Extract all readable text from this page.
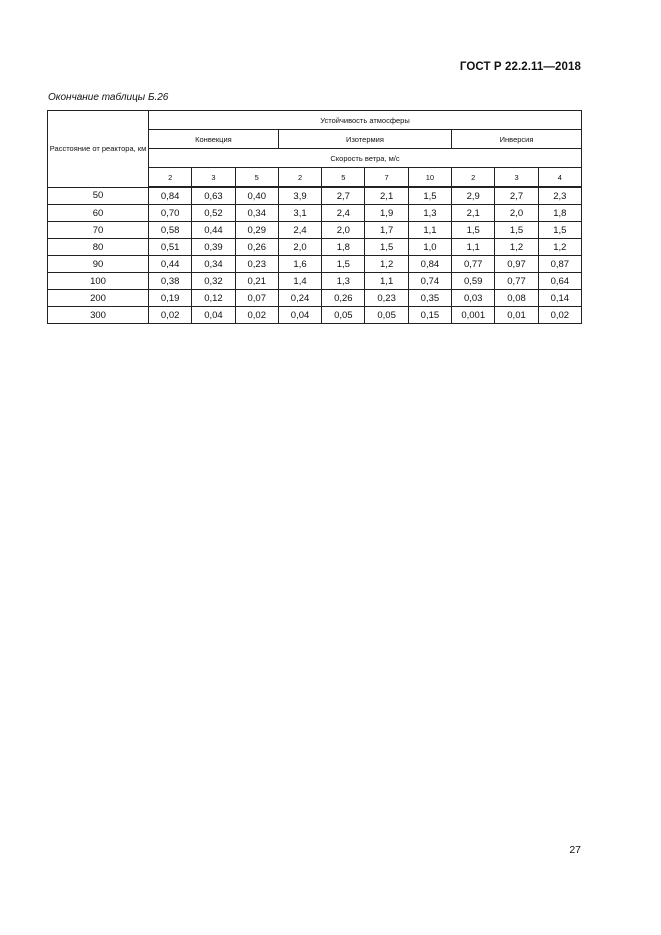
ГОСТ Р 22.2.11—2018
Окончание таблицы Б.26
Расстояние от реактора, км	Устойчивость атмосферы									
	Конвекция			Изотермия				Инверсия		
	Скорость ветра, м/с									
	2	3	5	2	5	7	10	2	3	4
50	0,84	0,63	0,40	3,9	2,7	2,1	1,5	2,9	2,7	2,3
60	0,70	0,52	0,34	3,1	2,4	1,9	1,3	2,1	2,0	1,8
70	0,58	0,44	0,29	2,4	2,0	1,7	1,1	1,5	1,5	1,5
80	0,51	0,39	0,26	2,0	1,8	1,5	1,0	1,1	1,2	1,2
90	0,44	0,34	0,23	1,6	1,5	1,2	0,84	0,77	0,97	0,87
100	0,38	0,32	0,21	1,4	1,3	1,1	0,74	0,59	0,77	0,64
200	0,19	0,12	0,07	0,24	0,26	0,23	0,35	0,03	0,08	0,14
300	0,02	0,04	0,02	0,04	0,05	0,05	0,15	0,001	0,01	0,02
27
